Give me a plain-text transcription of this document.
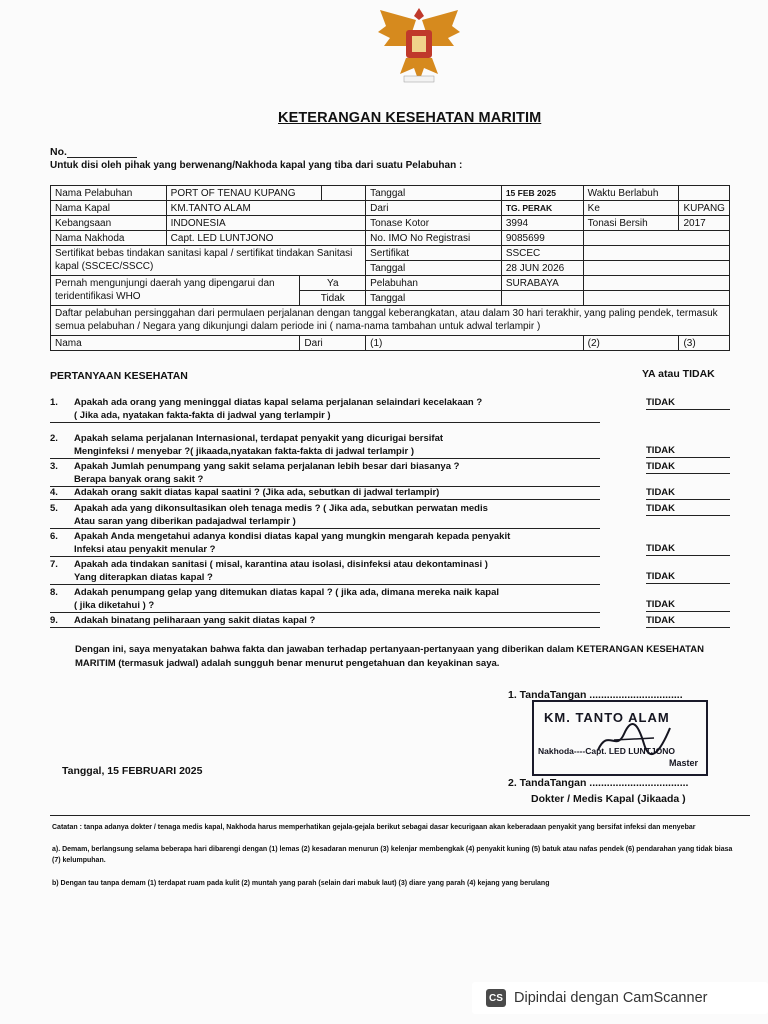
KETERANGAN KESEHATAN MARITIM
No.
Untuk disi oleh pihak yang berwenang/Nakhoda kapal yang tiba dari suatu Pelabuhan :
Nama Pelabuhan	PORT OF TENAU KUPANG			Tanggal	15 FEB 2025	Waktu Berlabuh	
Nama Kapal	KM.TANTO ALAM			Dari	TG. PERAK	Ke	KUPANG
Kebangsaan	INDONESIA			Tonase Kotor	3994	Tonasi Bersih	2017
Nama Nakhoda	Capt. LED LUNTJONO			No. IMO No Registrasi	9085699		
Sertifikat bebas tindakan sanitasi kapal / sertifikat tindakan Sanitasi kapal (SSCEC/SSCC)				Sertifikat	SSCEC		
				Tanggal	28 JUN 2026		
Pernah mengunjungi daerah yang dipengarui dan teridentifikasi WHO		Ya		Pelabuhan	SURABAYA		
		Tidak		Tanggal			
Daftar pelabuhan persinggahan dari permulaen perjalanan dengan tanggal keberangkatan, atau dalam 30 hari terakhir, yang paling pendek, termasuk semua pelabuhan / Negara yang dikunjungi dalam periode ini ( nama-nama tambahan untuk adwal terlampir )							
Nama		Dari		(1)		(2)	(3)
PERTANYAAN KESEHATAN	YA atau TIDAK
1.	Apakah ada orang yang meninggal diatas kapal selama perjalanan selaindari kecelakaan ?
( Jika ada, nyatakan fakta-fakta di jadwal yang terlampir )
TIDAK
2.	Apakah selama perjalanan Internasional, terdapat penyakit yang dicurigai bersifat
Menginfeksi / menyebar ?( jikaada,nyatakan fakta-fakta di jadwal terlampir )	TIDAK
3.	Apakah Jumlah penumpang yang sakit selama perjalanan lebih besar dari biasanya ?
Berapa banyak orang sakit ?
TIDAK
4.	Adakah orang sakit diatas kapal saatini ? (Jika ada, sebutkan di jadwal terlampir)	TIDAK
5.	Apakah ada yang dikonsultasikan oleh tenaga medis ? ( Jika ada, sebutkan perwatan medis
Atau saran yang diberikan padajadwal terlampir )
TIDAK
6.	Apakah Anda mengetahui adanya kondisi diatas kapal yang mungkin mengarah kepada penyakit
Infeksi atau penyakit menular ?	TIDAK
7.	Apakah ada tindakan sanitasi ( misal, karantina atau isolasi, disinfeksi atau dekontaminasi )
Yang diterapkan diatas kapal ?	TIDAK
8.	Adakah penumpang gelap yang ditemukan diatas kapal ? ( jika ada, dimana mereka naik kapal
( jika diketahui ) ?	TIDAK
9.	Adakah binatang peliharaan yang sakit diatas kapal ?	TIDAK
Dengan ini, saya menyatakan bahwa fakta dan jawaban terhadap pertanyaan-pertanyaan yang diberikan dalam KETERANGAN KESEHATAN MARITIM (termasuk jadwal) adalah sungguh benar menurut pengetahuan dan keyakinan saya.
1. TandaTangan ................................
KM. TANTO ALAM
Nakhoda----Capt. LED LUNTJONO
Master
Tanggal, 15 FEBRUARI 2025
2. TandaTangan ..................................
Dokter / Medis Kapal (Jikaada )
Catatan : tanpa adanya dokter / tenaga medis kapal, Nakhoda harus memperhatikan gejala-gejala berikut sebagai dasar kecurigaan akan keberadaan penyakit yang bersifat infeksi dan menyebar
a). Demam, berlangsung selama beberapa hari dibarengi dengan (1) lemas (2) kesadaran menurun (3) kelenjar membengkak (4) penyakit kuning (5) batuk atau nafas pendek (6) pendarahan yang tidak biasa (7) kelumpuhan.
b) Dengan tau tanpa demam (1) terdapat ruam pada kulit (2) muntah yang parah (selain dari mabuk laut) (3) diare yang parah (4) kejang yang berulang
CS Dipindai dengan CamScanner
